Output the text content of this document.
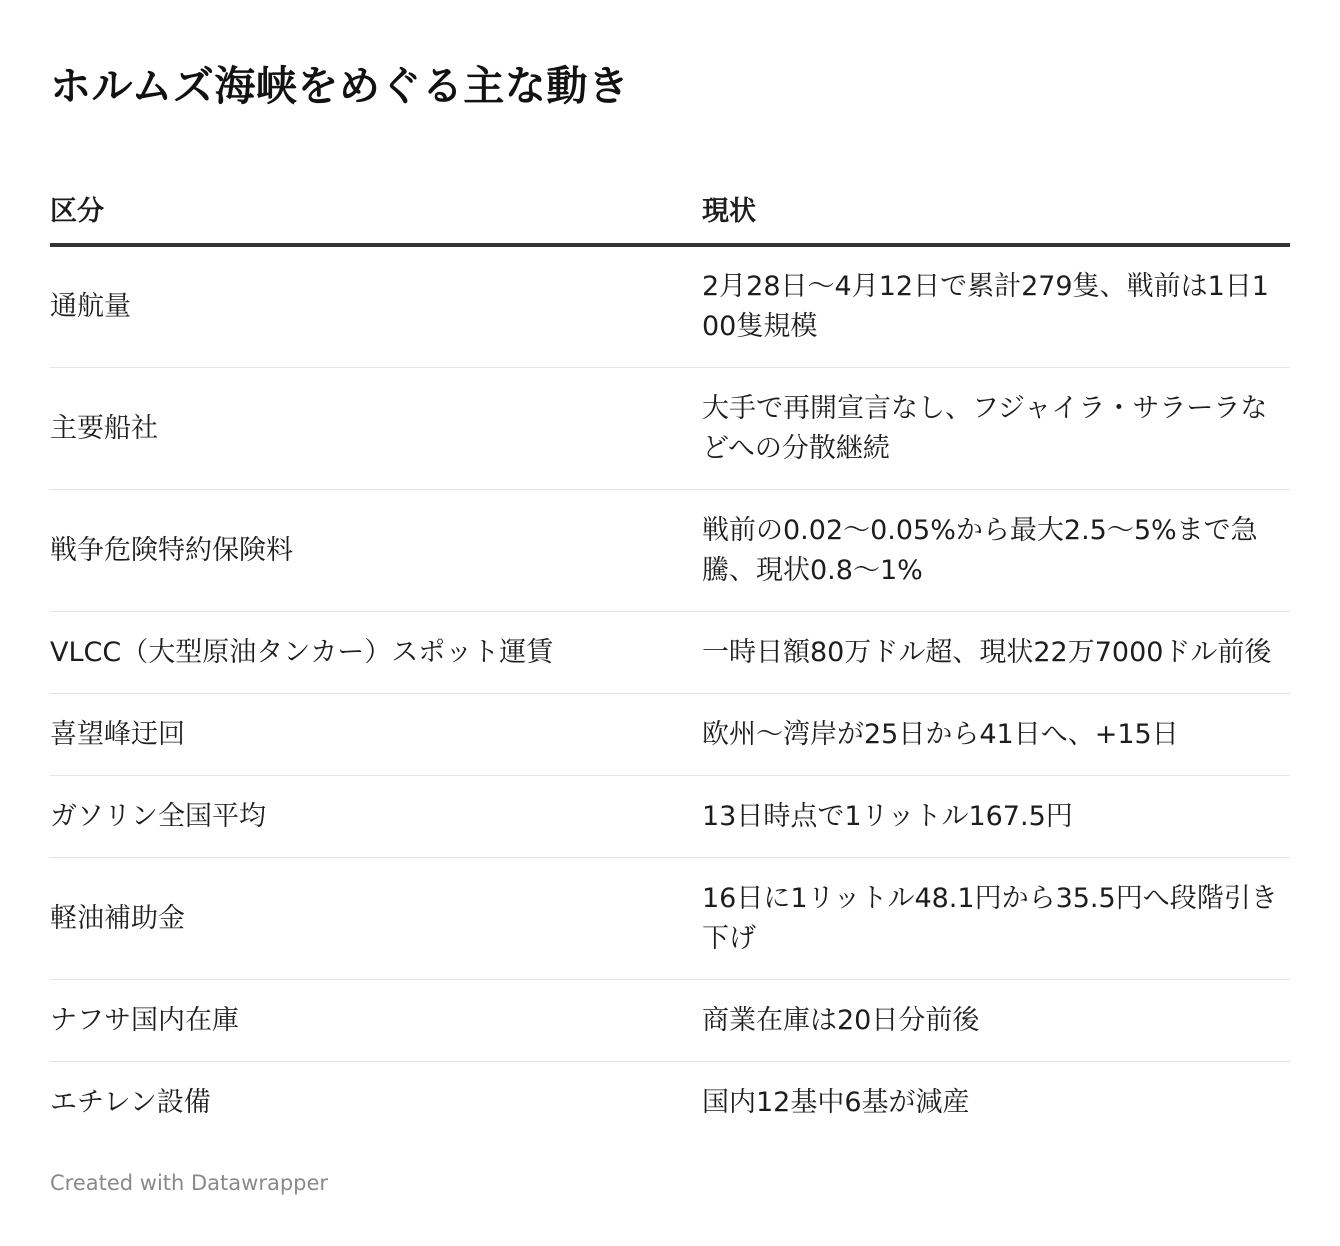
ホルムズ海峡をめぐる主な動き
区分	現状

通航量	2月28日～4月12日で累計279隻、戦前は1日100隻規模

主要船社	大手で再開宣言なし、フジャイラ・サラーラなどへの分散継続

戦争危険特約保険料	戦前の0.02～0.05%から最大2.5～5%まで急騰、現状0.8～1%

VLCC（大型原油タンカー）スポット運賃	一時日額80万ドル超、現状22万7000ドル前後

喜望峰迂回	欧州～湾岸が25日から41日へ、+15日

ガソリン全国平均	13日時点で1リットル167.5円

軽油補助金	16日に1リットル48.1円から35.5円へ段階引き下げ

ナフサ国内在庫	商業在庫は20日分前後

エチレン設備	国内12基中6基が減産
Created with Datawrapper
